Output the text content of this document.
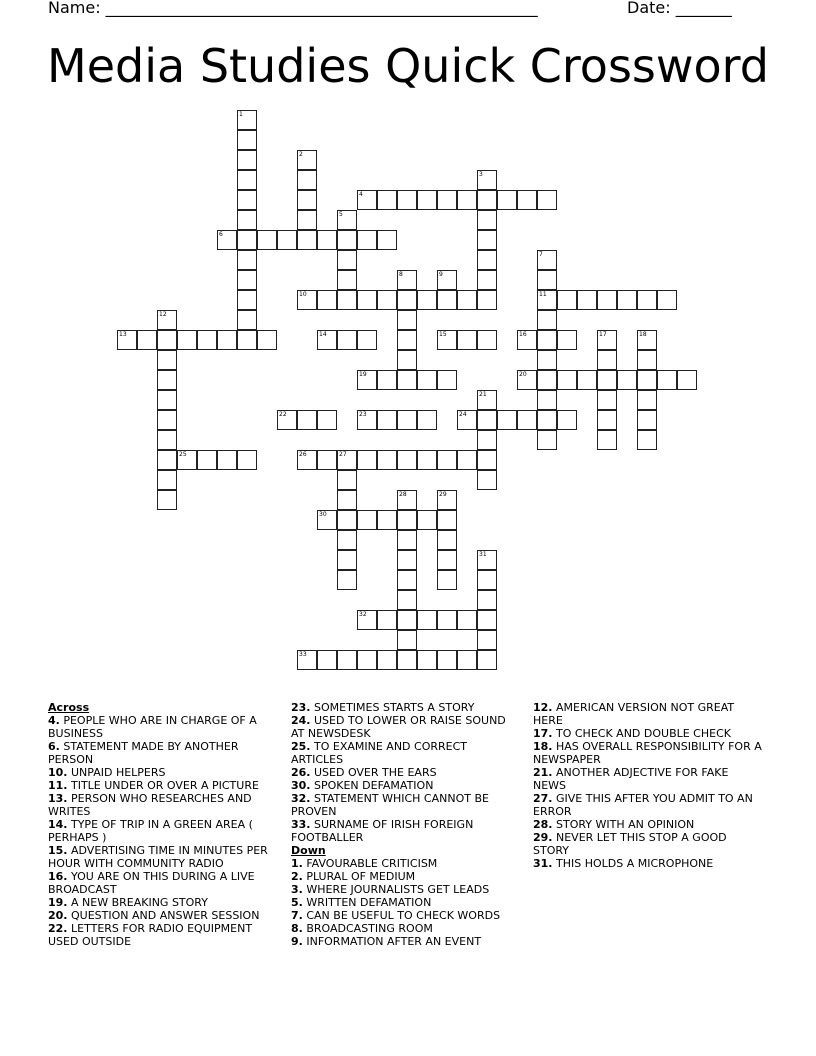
Name: ______________________________________________________	Date: _______
Media Studies Quick Crossword
4
6
10	11
13	14	15	16
19	20
22	23	24
25	26
30
32
33
1
2
3
5
7
8	9
12
17	18
21
27
28	29
31

Across

4. PEOPLE WHO ARE IN CHARGE OF A BUSINESS

6. STATEMENT MADE BY ANOTHER PERSON

10. UNPAID HELPERS

11. TITLE UNDER OR OVER A PICTURE

13. PERSON WHO RESEARCHES AND WRITES

14. TYPE OF TRIP IN A GREEN AREA ( PERHAPS )

15. ADVERTISING TIME IN MINUTES PER HOUR WITH COMMUNITY RADIO

16. YOU ARE ON THIS DURING A LIVE BROADCAST

19. A NEW BREAKING STORY

20. QUESTION AND ANSWER SESSION

22. LETTERS FOR RADIO EQUIPMENT USED OUTSIDE

23. SOMETIMES STARTS A STORY

24. USED TO LOWER OR RAISE SOUND AT NEWSDESK

25. TO EXAMINE AND CORRECT ARTICLES

26. USED OVER THE EARS

30. SPOKEN DEFAMATION

32. STATEMENT WHICH CANNOT BE PROVEN

33. SURNAME OF IRISH FOREIGN FOOTBALLER

Down

1. FAVOURABLE CRITICISM

2. PLURAL OF MEDIUM

3. WHERE JOURNALISTS GET LEADS

5. WRITTEN DEFAMATION

7. CAN BE USEFUL TO CHECK WORDS

8. BROADCASTING ROOM

9. INFORMATION AFTER AN EVENT

12. AMERICAN VERSION NOT GREAT HERE

17. TO CHECK AND DOUBLE CHECK

18. HAS OVERALL RESPONSIBILITY FOR A NEWSPAPER

21. ANOTHER ADJECTIVE FOR FAKE NEWS

27. GIVE THIS AFTER YOU ADMIT TO AN ERROR

28. STORY WITH AN OPINION

29. NEVER LET THIS STOP A GOOD STORY

31. THIS HOLDS A MICROPHONE
